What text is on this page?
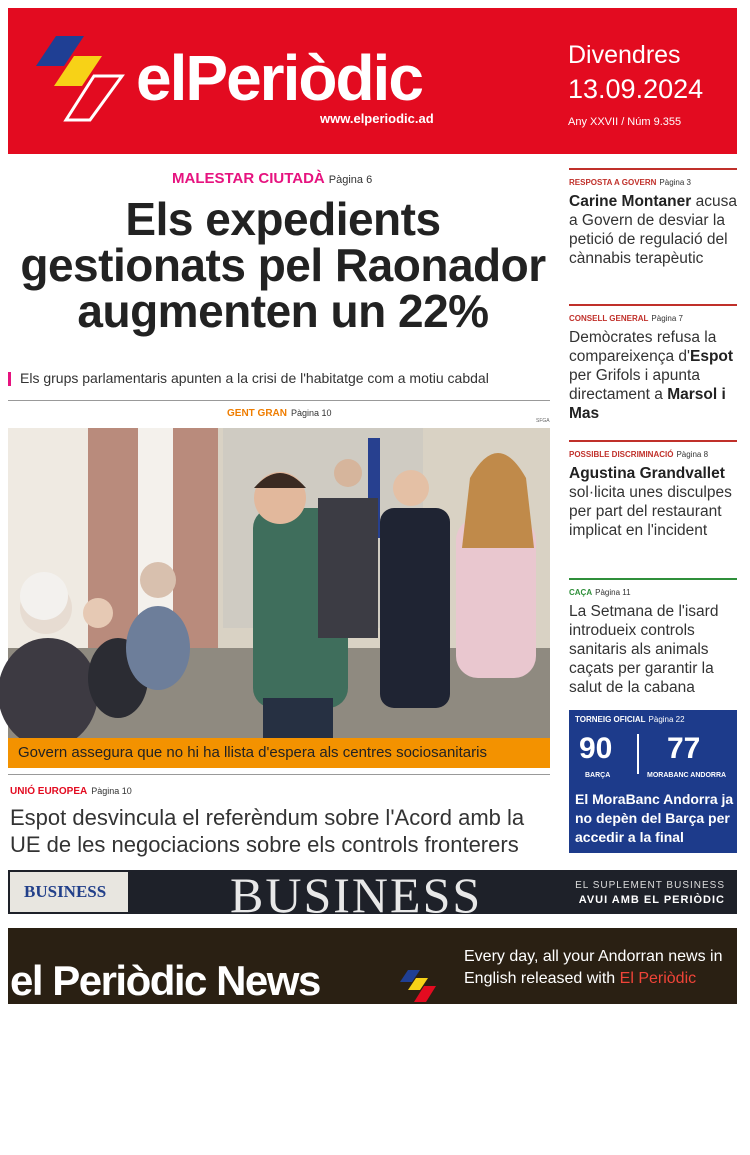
elPeriòdic
www.elperiodic.ad
Divendres
13.09.2024
Any XXVII / Núm 9.355
MALESTAR CIUTADÀ Pàgina 6
Els expedients
gestionats pel Raonador
augmenten un 22%
Els grups parlamentaris apunten a la crisi de l'habitatge com a motiu cabdal
GENT GRAN Pàgina 10
SFGA
Visita de l'Executiu aquest dijous al centre sociosanitari del Cedre.
Govern assegura que no hi ha llista d'espera als centres sociosanitaris
UNIÓ EUROPEA Pàgina 10
Espot desvincula el referèndum sobre l'Acord amb la UE de les negociacions sobre els controls fronterers
RESPOSTA A GOVERN Pàgina 3
Carine Montaner acusa a Govern de desviar la petició de regulació del cànnabis terapèutic
CONSELL GENERAL Pàgina 7
Demòcrates refusa la compareixença d'Espot per Grifols i apunta directament a Marsol i Mas
POSSIBLE DISCRIMINACIÓ Pàgina 8
Agustina Grandvallet sol·licita unes disculpes per part del restaurant implicat en l'incident
CAÇA Pàgina 11
La Setmana de l'isard introdueix controls sanitaris als animals caçats per garantir la salut de la cabana
TORNEIG OFICIAL Pàgina 22
90 77
BARÇA	MORABANC ANDORRA
El MoraBanc Andorra ja no depèn del Barça per accedir a la final
BUSINESS BUSINESS	EL SUPLEMENT BUSINESS
AVUI AMB EL PERIÒDIC
el Periòdic News
Every day, all your Andorran news in
English released with El Periòdic
